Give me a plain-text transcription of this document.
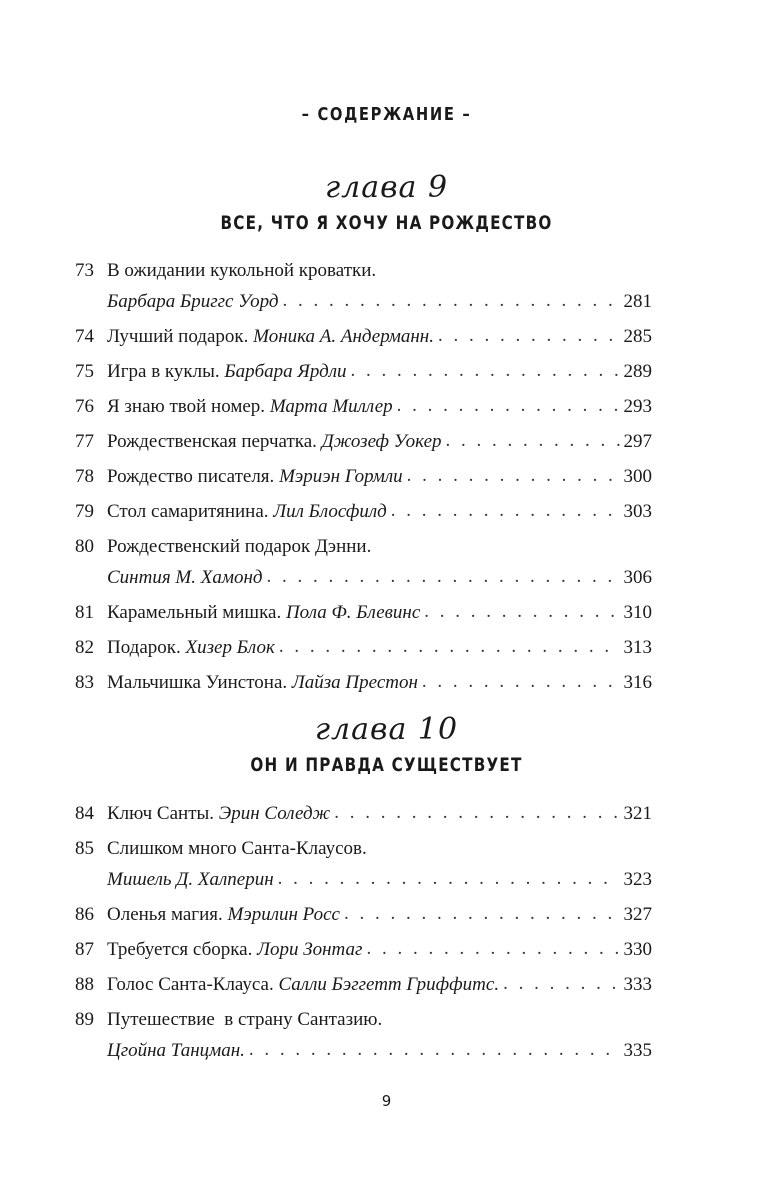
– СОДЕРЖАНИЕ –
глава 9
ВСЕ, ЧТО Я ХОЧУ НА РОЖДЕСТВО
73 В ожидании кукольной кроватки.
Барбара Бриггс Уорд . . .	281
74 Лучший подарок.
Моника А. Андерманн. . . .	285
75 Игра в куклы.
Барбара Ярдли . . .	289
76 Я знаю твой номер.
Марта Миллер . . .	293
77 Рождественская перчатка.
Джозеф Уокер . . .	297
78 Рождество писателя.
Мэриэн Гормли . . .	300
79 Стол самаритянина.
Лил Блосфилд . . .	303
80 Рождественский подарок Дэнни.
Синтия М. Хамонд . . .	306
81 Карамельный мишка.
Пола Ф. Блевинс . . .	310
82 Подарок.
Хизер Блок . . .	313
83 Мальчишка Уинстона.
Лайза Престон . . .	316
глава 10
ОН И ПРАВДА СУЩЕСТВУЕТ
84 Ключ Санты.
Эрин Соледж . . .	321
85 Слишком много Санта-Клаусов.
Мишель Д. Халперин . . .	323
86 Оленья магия.
Мэрилин Росс . . .	327
87 Требуется сборка.
Лори Зонтаг . . .	330
88 Голос Санта-Клауса.
Салли Бэггетт Гриффитс. . . .	333
89 Путешествие  в страну Сантазию.
Цгойна Танцман. . . .	335
9
